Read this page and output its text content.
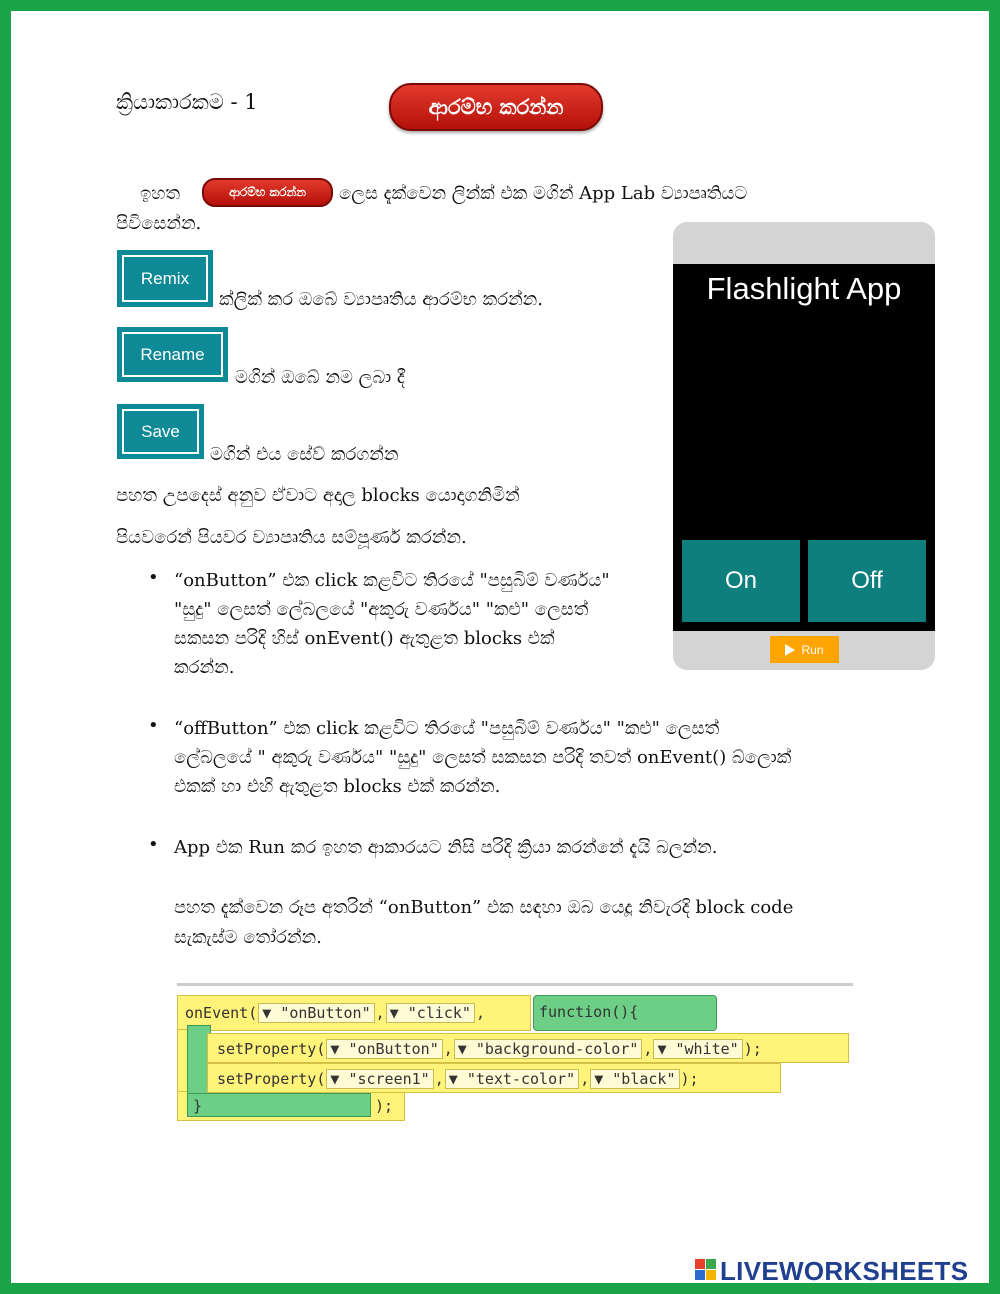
ක්‍රියාකාරකම - 1	ආරම්භ කරන්න
ඉහත	ආරම්භ කරන්න	ලෙස දැක්වෙන ලින්ක් එක මගින් App Lab ව්‍යාපෘතියට
පිවිසෙන්න.
Remix
ක්ලික් කර ඔබේ ව්‍යාපෘතිය ආරම්භ කරන්න.
Rename
මගින් ඔබේ නම ලබා දී
Save
මගින් එය සේව් කරගන්න
පහත උපදෙස් අනුව ඒවාට අදාල blocks යොදාගනිමින්
පියවරෙන් පියවර ව්‍යාපෘතිය සම්පූර්ණ කරන්න.
• “onButton” එක click කළවිට තිරයේ "පසුබිම් වර්ණය"
"සුදු" ලෙසත් ලේබලයේ "අකුරු වර්ණය" "කළු" ලෙසත්
සකසන පරිදි හිස් onEvent() ඇතුළත blocks එක්
කරන්න.
• “offButton” එක click කළවිට තිරයේ "පසුබිම් වර්ණය" "කළු" ලෙසත්
ලේබලයේ " අකුරු වර්ණය" "සුදු" ලෙසත් සකසන පරිදි තවත් onEvent() බ්ලොක්
එකක් හා එහි ඇතුළත blocks එක් කරන්න.
• App එක Run කර ඉහත ආකාරයට නිසි පරිදි ක්‍රියා කරන්නේ දැයි බලන්න.
පහත දැක්වෙන රූප අතරින් “onButton” එක සඳහා ඔබ යෙදූ නිවැරදි block code
සැකැස්ම තෝරන්න.
Flashlight App
On	Off
Run
onEvent( ▼ "onButton" , ▼ "click" ,	function(){
setProperty( ▼ "onButton" , ▼ "background-color" , ▼ "white" );
setProperty( ▼ "screen1" , ▼ "text-color" , ▼ "black" );
}	);
LIVEWORKSHEETS
